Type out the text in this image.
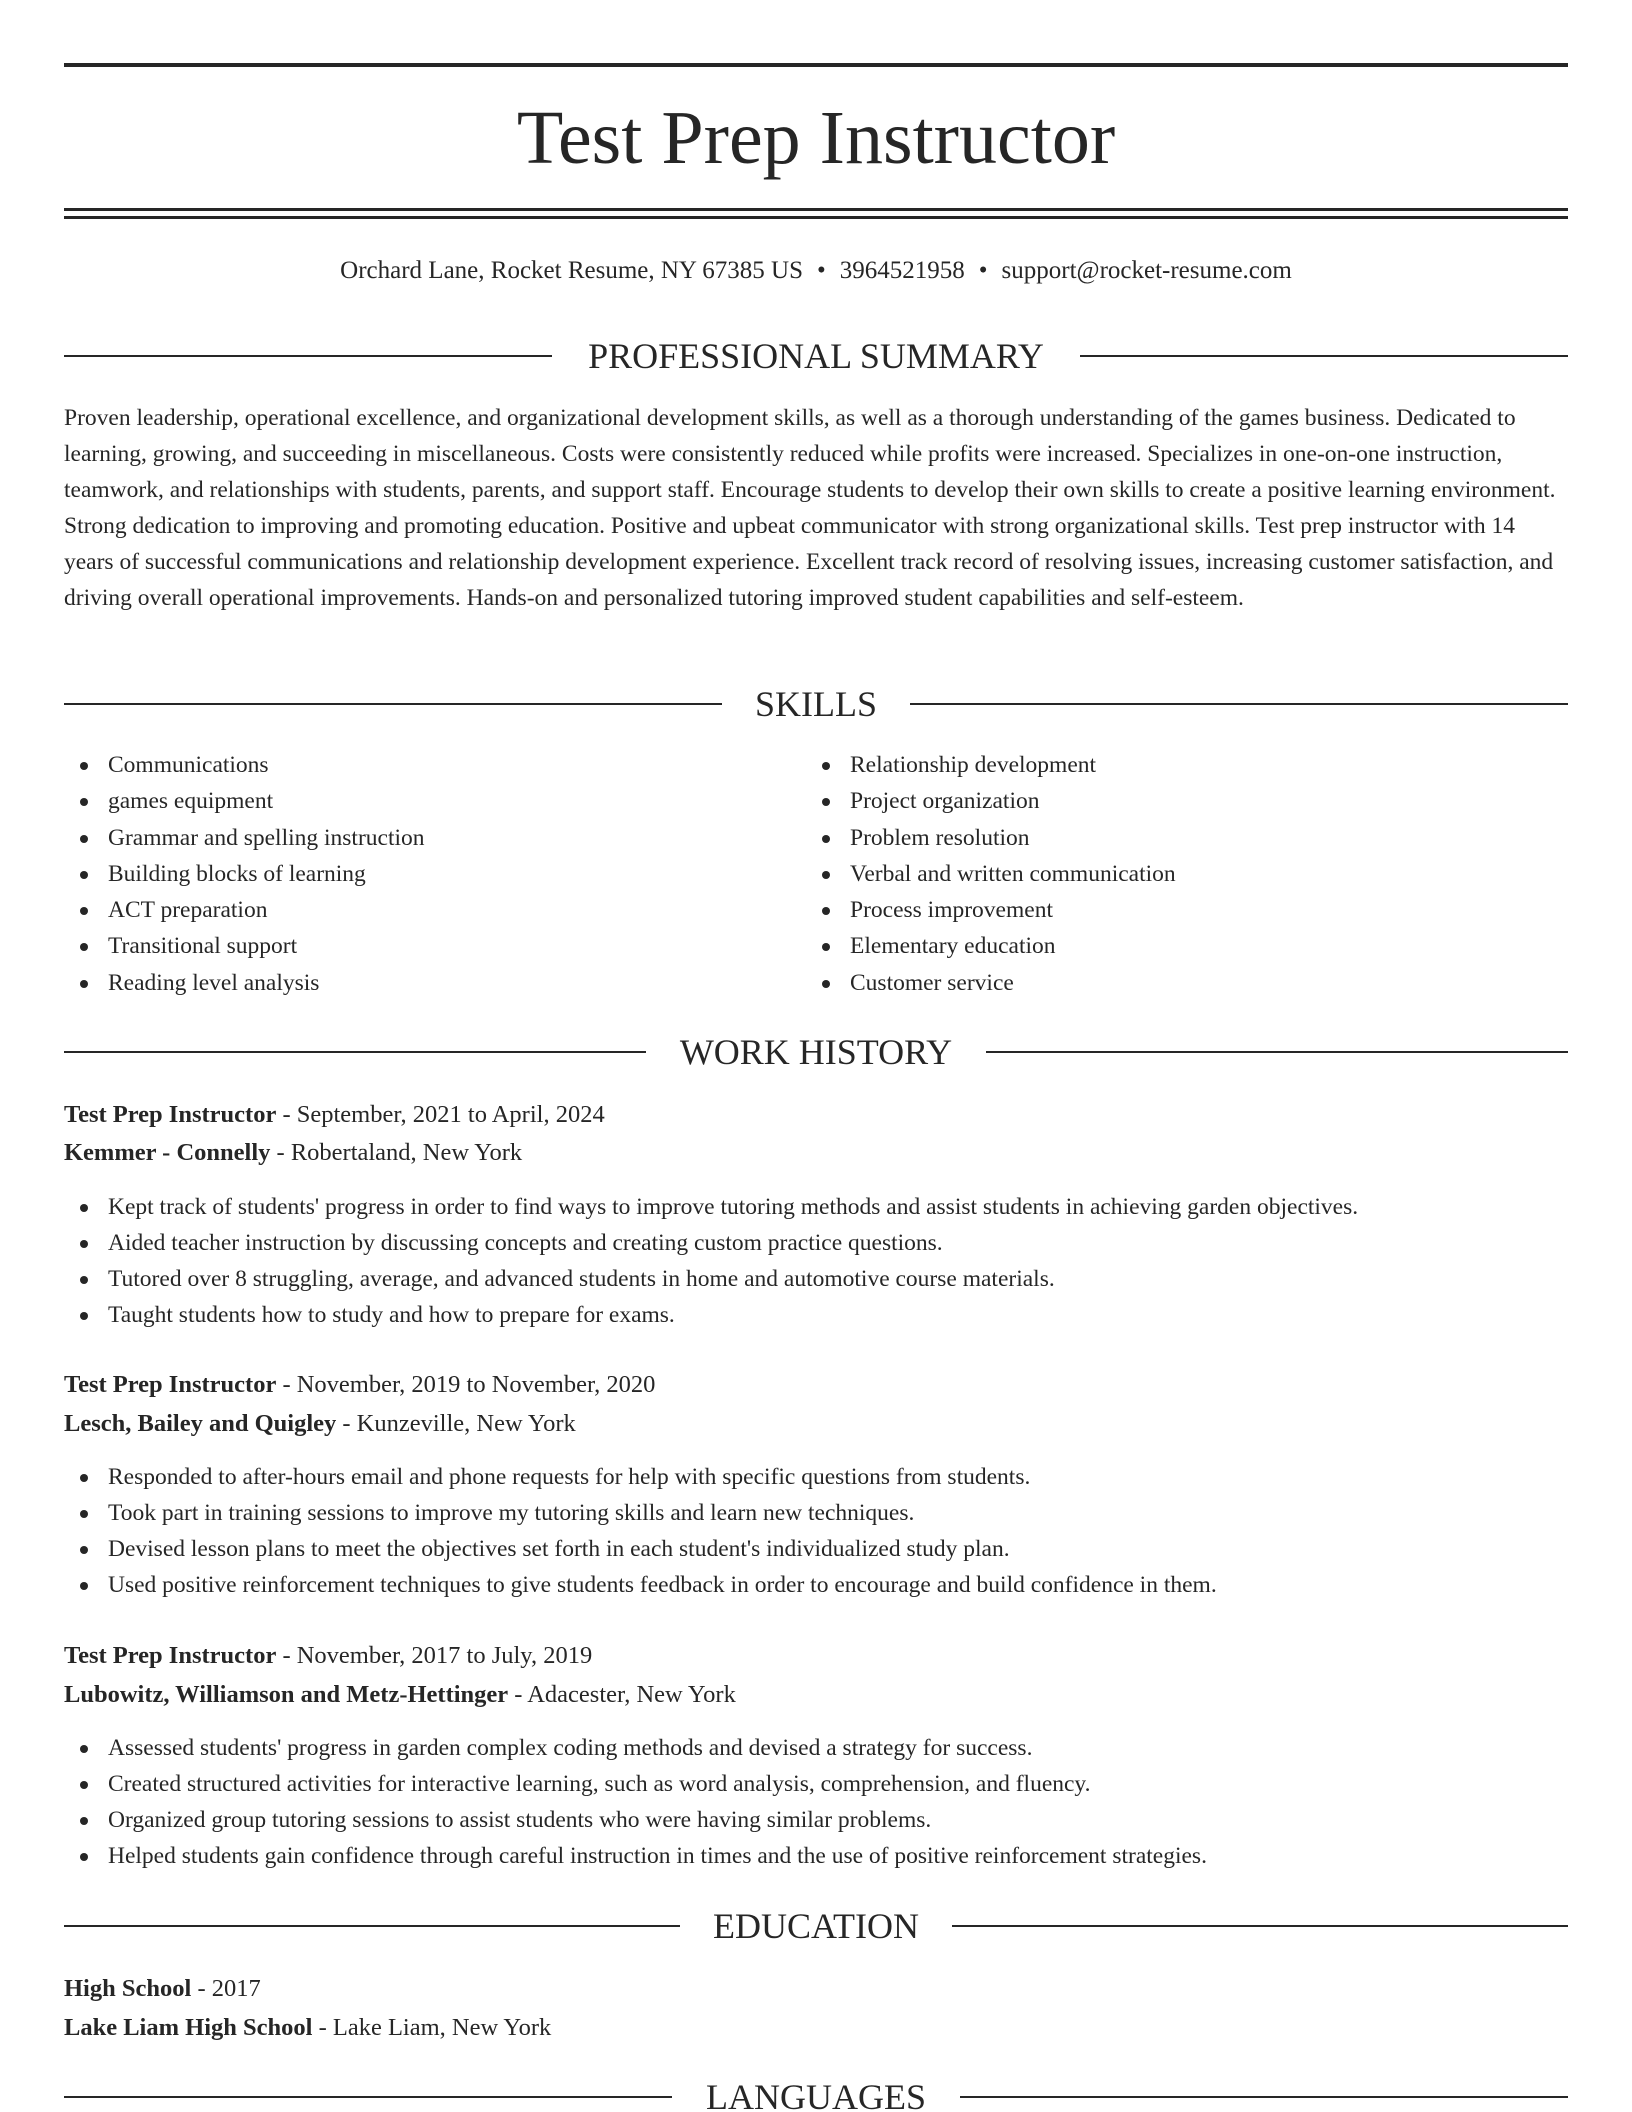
Test Prep Instructor
Orchard Lane, Rocket Resume, NY 67385 US • 3964521958 • support@rocket-resume.com
PROFESSIONAL SUMMARY
Proven leadership, operational excellence, and organizational development skills, as well as a thorough understanding of the games business. Dedicated to learning, growing, and succeeding in miscellaneous. Costs were consistently reduced while profits were increased. Specializes in one-on-one instruction, teamwork, and relationships with students, parents, and support staff. Encourage students to develop their own skills to create a positive learning environment. Strong dedication to improving and promoting education. Positive and upbeat communicator with strong organizational skills. Test prep instructor with 14 years of successful communications and relationship development experience. Excellent track record of resolving issues, increasing customer satisfaction, and driving overall operational improvements. Hands-on and personalized tutoring improved student capabilities and self-esteem.
SKILLS
Communications
games equipment
Grammar and spelling instruction
Building blocks of learning
ACT preparation
Transitional support
Reading level analysis
Relationship development
Project organization
Problem resolution
Verbal and written communication
Process improvement
Elementary education
Customer service
WORK HISTORY
Test Prep Instructor - September, 2021 to April, 2024
Kemmer - Connelly - Robertaland, New York
Kept track of students' progress in order to find ways to improve tutoring methods and assist students in achieving garden objectives.
Aided teacher instruction by discussing concepts and creating custom practice questions.
Tutored over 8 struggling, average, and advanced students in home and automotive course materials.
Taught students how to study and how to prepare for exams.
Test Prep Instructor - November, 2019 to November, 2020
Lesch, Bailey and Quigley - Kunzeville, New York
Responded to after-hours email and phone requests for help with specific questions from students.
Took part in training sessions to improve my tutoring skills and learn new techniques.
Devised lesson plans to meet the objectives set forth in each student's individualized study plan.
Used positive reinforcement techniques to give students feedback in order to encourage and build confidence in them.
Test Prep Instructor - November, 2017 to July, 2019
Lubowitz, Williamson and Metz-Hettinger - Adacester, New York
Assessed students' progress in garden complex coding methods and devised a strategy for success.
Created structured activities for interactive learning, such as word analysis, comprehension, and fluency.
Organized group tutoring sessions to assist students who were having similar problems.
Helped students gain confidence through careful instruction in times and the use of positive reinforcement strategies.
EDUCATION
High School - 2017
Lake Liam High School - Lake Liam, New York
LANGUAGES
